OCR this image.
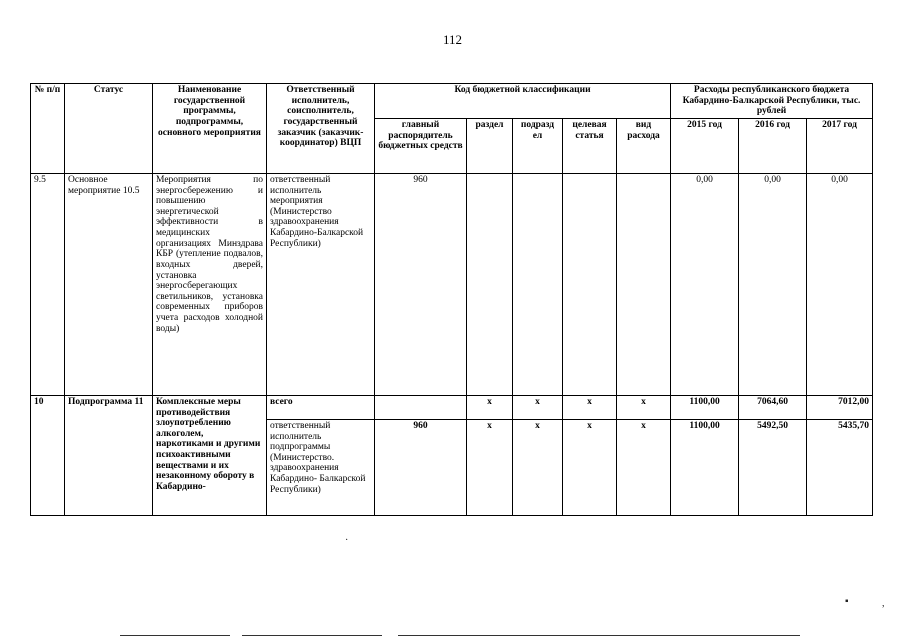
112
№ п/п	Статус	Наименование государственной программы, подпрограммы, основного мероприятия	Ответственный исполнитель, соисполнитель, государственный заказчик (заказчик-координатор) ВЦП	Код бюджетной классификации					Расходы республиканского бюджета Кабардино-Балкарской Республики, тыс. рублей		
				главный распорядитель бюджетных средств	раздел	подразд ел	целевая статья	вид расхода	2015 год	2016 год	2017 год
9.5	Основное мероприятие 10.5	Мероприятия по энергосбережению и повышению энергетической эффективности в медицинских организациях Минздрава КБР (утепление подвалов, входных дверей, установка энергосберегающих светильников, установка современных приборов учета расходов холодной воды)	ответственный исполнитель мероприятия (Министерство здравоохранения Кабардино-Балкарской Республики)	960					0,00	0,00	0,00
10	Подпрограмма 11	Комплексные меры противодействия злоупотреблению алкоголем, наркотиками и другими психоактивными веществами и их незаконному обороту в Кабардино-	всего		х	х	х	х	1100,00	7064,60	7012,00
			ответственный исполнитель подпрограммы (Министерство. здравоохранения Кабардино- Балкарской Республики)	960	х	х	х	х	1100,00	5492,50	5435,70
·
▪	,
